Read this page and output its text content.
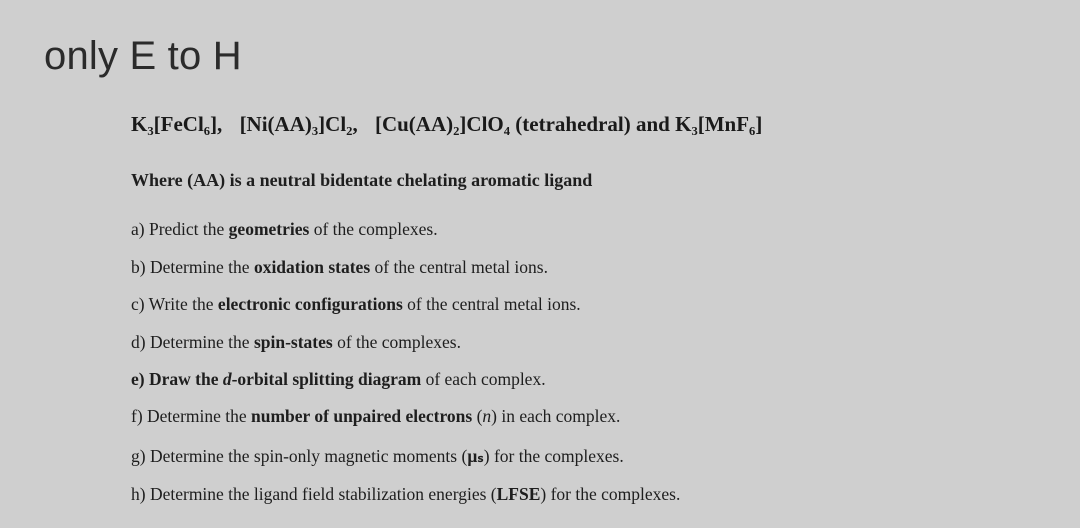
K₃[FeCl₆], [Ni(AA)₃]Cl₂, [Cu(AA)₂]ClO₄ (tetrahedral) and K₃[MnF₆]
Where (AA) is a neutral bidentate chelating aromatic ligand
a) Predict the geometries of the complexes.
b) Determine the oxidation states of the central metal ions.
c) Write the electronic configurations of the central metal ions.
d) Determine the spin-states of the complexes.
e) Draw the d-orbital splitting diagram of each complex.
f) Determine the number of unpaired electrons (n) in each complex.
g) Determine the spin-only magnetic moments (μₛ) for the complexes.
h) Determine the ligand field stabilization energies (LFSE) for the complexes.
only E to H
